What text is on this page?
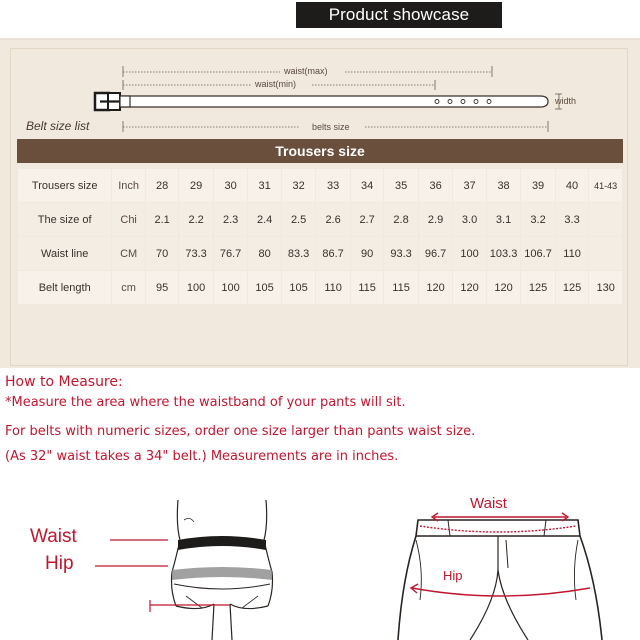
Product showcase
waist(max)
waist(min)
width
belts size
Belt size list
Trousers size
Trousers size	Inch	28	29	30	31	32	33	34	35	36	37	38	39	40	41-43
The size of	Chi	2.1	2.2	2.3	2.4	2.5	2.6	2.7	2.8	2.9	3.0	3.1	3.2	3.3	
Waist line	CM	70	73.3	76.7	80	83.3	86.7	90	93.3	96.7	100	103.3	106.7	110	
Belt length	cm	95	100	100	105	105	110	115	115	120	120	120	125	125	130
How to Measure:
*Measure the area where the waistband of your pants will sit.
For belts with numeric sizes, order one size larger than pants waist size.
(As 32" waist takes a 34" belt.) Measurements are in inches.
Waist
Hip
Waist
Hip
